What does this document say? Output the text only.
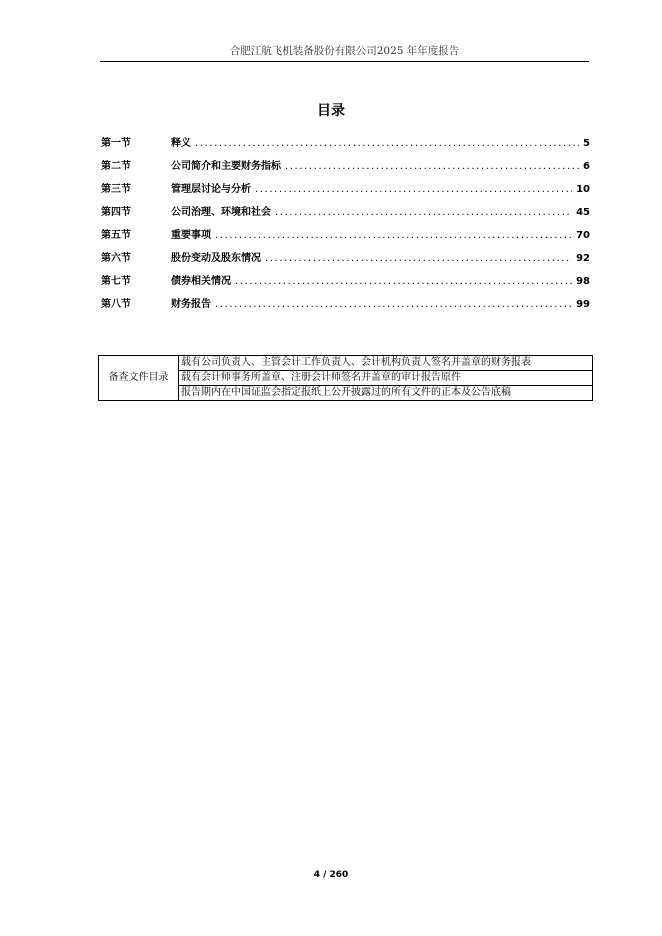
合肥江航飞机装备股份有限公司2025 年年度报告
目录
第一节	释义 .....	5
第二节	公司简介和主要财务指标 .....	6
第三节	管理层讨论与分析 .....	10
第四节	公司治理、环境和社会 .....	45
第五节	重要事项 .....	70
第六节	股份变动及股东情况 .....	92
第七节	债券相关情况 .....	98
第八节	财务报告 .....	99
备查文件目录	载有公司负责人、主管会计工作负责人、会计机构负责人签名并盖章的财务报表
载有会计师事务所盖章、注册会计师签名并盖章的审计报告原件
报告期内在中国证监会指定报纸上公开披露过的所有文件的正本及公告底稿
4 / 260
